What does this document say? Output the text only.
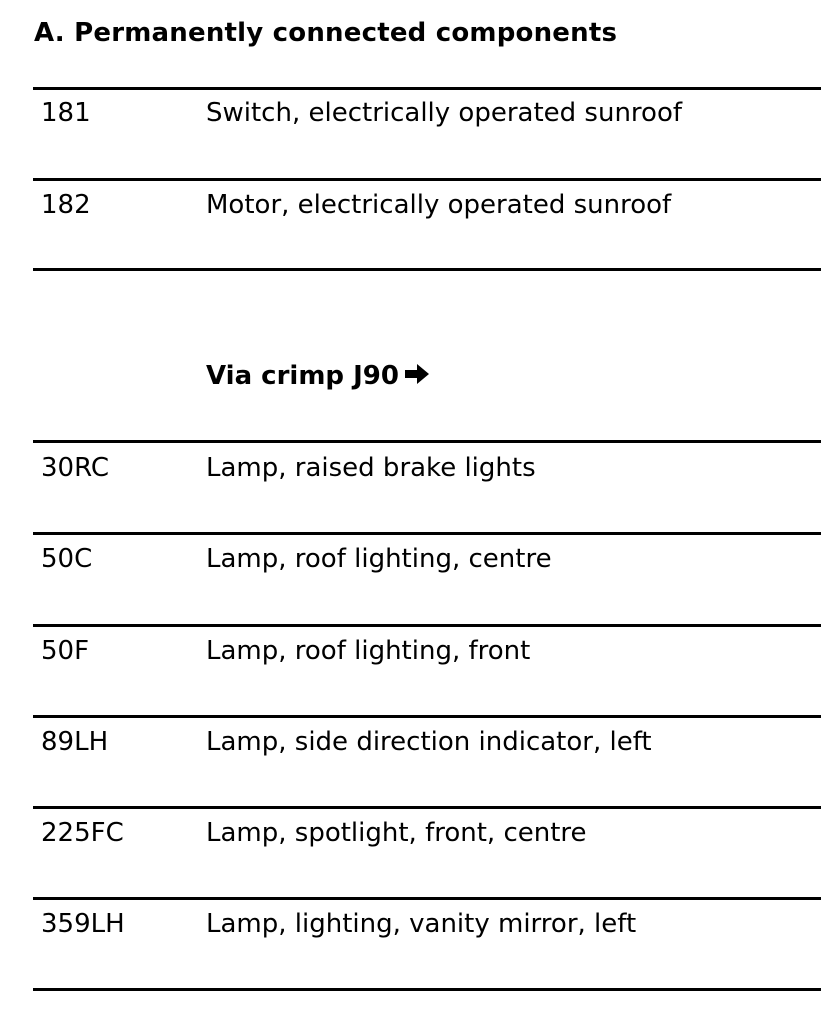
A. Permanently connected components
181	Switch, electrically operated sunroof
182	Motor, electrically operated sunroof
Via crimp J90
30RC	Lamp, raised brake lights
50C	Lamp, roof lighting, centre
50F	Lamp, roof lighting, front
89LH	Lamp, side direction indicator, left
225FC	Lamp, spotlight, front, centre
359LH	Lamp, lighting, vanity mirror, left
